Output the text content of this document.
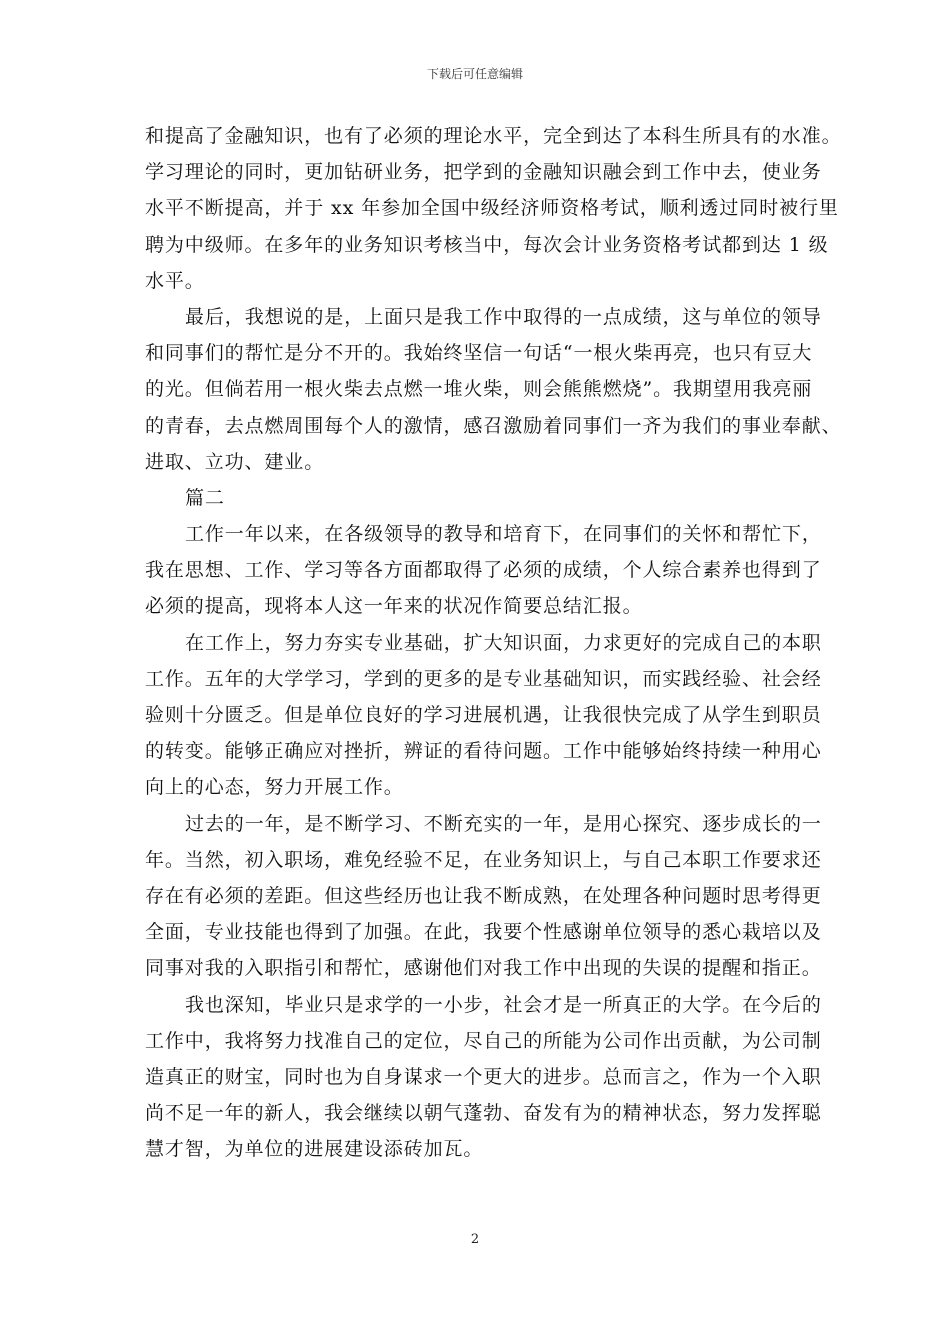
下载后可任意编辑
和提高了金融知识，也有了必须的理论水平，完全到达了本科生所具有的水准。
学习理论的同时，更加钻研业务，把学到的金融知识融会到工作中去，使业务
水平不断提高，并于 xx 年参加全国中级经济师资格考试，顺利透过同时被行里
聘为中级师。在多年的业务知识考核当中，每次会计业务资格考试都到达 1 级
水平。
最后，我想说的是，上面只是我工作中取得的一点成绩，这与单位的领导
和同事们的帮忙是分不开的。我始终坚信一句话“一根火柴再亮，也只有豆大
的光。但倘若用一根火柴去点燃一堆火柴，则会熊熊燃烧”。我期望用我亮丽
的青春，去点燃周围每个人的激情，感召激励着同事们一齐为我们的事业奉献、
进取、立功、建业。
篇二
工作一年以来，在各级领导的教导和培育下，在同事们的关怀和帮忙下，
我在思想、工作、学习等各方面都取得了必须的成绩，个人综合素养也得到了
必须的提高，现将本人这一年来的状况作简要总结汇报。
在工作上，努力夯实专业基础，扩大知识面，力求更好的完成自己的本职
工作。五年的大学学习，学到的更多的是专业基础知识，而实践经验、社会经
验则十分匮乏。但是单位良好的学习进展机遇，让我很快完成了从学生到职员
的转变。能够正确应对挫折，辨证的看待问题。工作中能够始终持续一种用心
向上的心态，努力开展工作。
过去的一年，是不断学习、不断充实的一年，是用心探究、逐步成长的一
年。当然，初入职场，难免经验不足，在业务知识上，与自己本职工作要求还
存在有必须的差距。但这些经历也让我不断成熟，在处理各种问题时思考得更
全面，专业技能也得到了加强。在此，我要个性感谢单位领导的悉心栽培以及
同事对我的入职指引和帮忙，感谢他们对我工作中出现的失误的提醒和指正。
我也深知，毕业只是求学的一小步，社会才是一所真正的大学。在今后的
工作中，我将努力找准自己的定位，尽自己的所能为公司作出贡献，为公司制
造真正的财宝，同时也为自身谋求一个更大的进步。总而言之，作为一个入职
尚不足一年的新人，我会继续以朝气蓬勃、奋发有为的精神状态，努力发挥聪
慧才智，为单位的进展建设添砖加瓦。
2
